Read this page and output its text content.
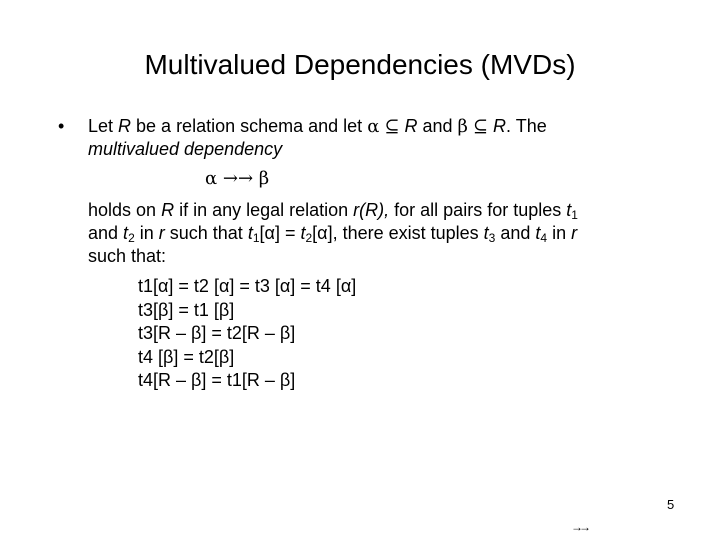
Multivalued Dependencies (MVDs)
• Let R be a relation schema and let α ⊆ R and β ⊆ R. The
multivalued dependency
α →→ β
holds on R if in any legal relation r(R), for all pairs for tuples $t_1$
and $t_2$ in r such that $t_1[\alpha] = t_2[\alpha]$, there exist tuples $t_3$ and $t_4$ in r
such that:
t1[α] = t2 [α] = t3 [α] = t4 [α]
t3[β] = t1 [β]
t3[R – β] = t2[R – β]
t4 [β] = t2[β]
t4[R – β] = t1[R – β]
5
→→
